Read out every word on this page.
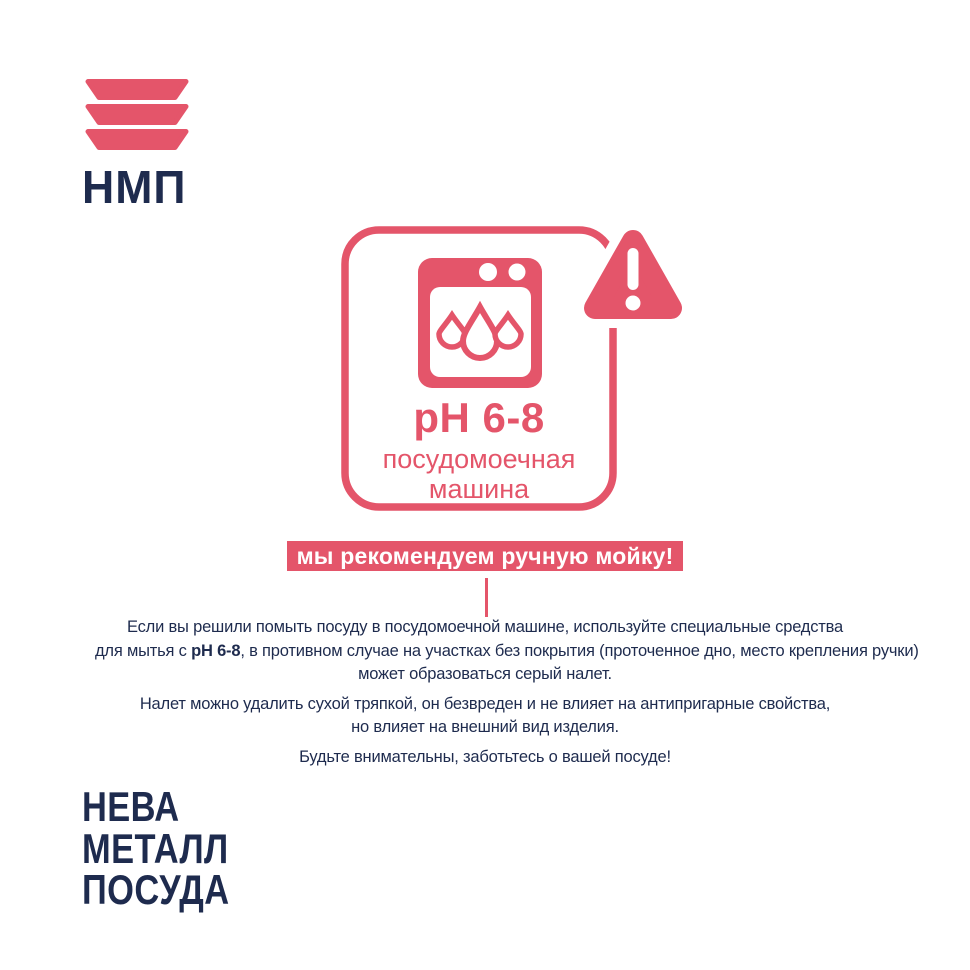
НМП
pH 6-8
посудомоечная
машина
мы рекомендуем ручную мойку!
Если вы решили помыть посуду в посудомоечной машине, используйте специальные средства
для мытья с pH 6-8, в противном случае на участках без покрытия (проточенное дно, место крепления ручки)
может образоваться серый налет.
Налет можно удалить сухой тряпкой, он безвреден и не влияет на антипригарные свойства,
но влияет на внешний вид изделия.
Будьте внимательны, заботьтесь о вашей посуде!
НЕВА
МЕТАЛЛ
ПОСУДА
